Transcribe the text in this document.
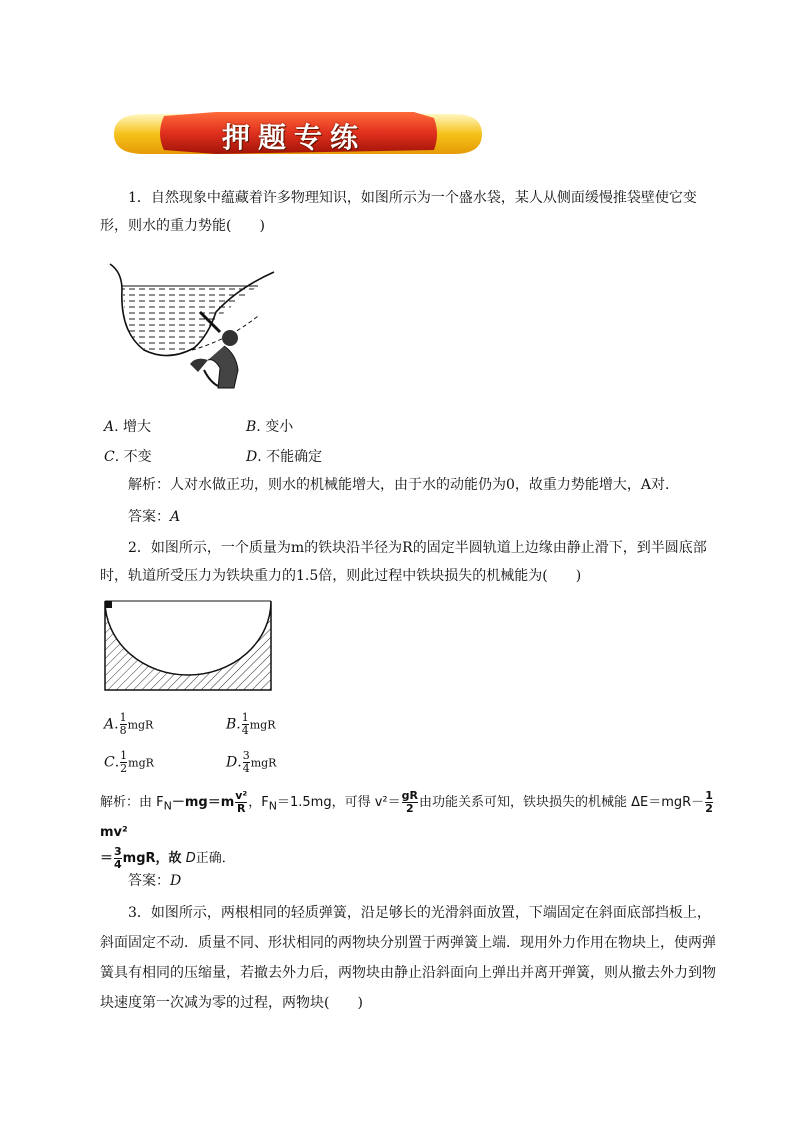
押题专练
1．自然现象中蕴藏着许多物理知识，如图所示为一个盛水袋，某人从侧面缓慢推袋壁使它变形，则水的重力势能(　　)
A. 增大	B. 变小
C. 不变	D. 不能确定
解析：人对水做正功，则水的机械能增大，由于水的动能仍为0，故重力势能增大，A对．
答案：A
2．如图所示，一个质量为m的铁块沿半径为R的固定半圆轨道上边缘由静止滑下，到半圆底部时，轨道所受压力为铁块重力的1.5倍，则此过程中铁块损失的机械能为(　　)
A. $\frac{1}{8}$ mgR	B. $\frac{1}{4}$ mgR
C. $\frac{1}{2}$ mgR	D. $\frac{3}{4}$ mgR
解析：由 $F_N-mg=m \frac{\text{v²}}{R}$ ，$F_N=1.5mg$，可得 $v^2= \frac{gR}{2}$ 由功能关系可知，铁块损失的机械能 $\Delta E=mgR- \frac{1}{2}$
mv²
＝ $\frac{3}{4}$ mgR，故 D正确．
答案：D
3．如图所示，两根相同的轻质弹簧，沿足够长的光滑斜面放置，下端固定在斜面底部挡板上，斜面固定不动．质量不同、形状相同的两物块分别置于两弹簧上端．现用外力作用在物块上，使两弹簧具有相同的压缩量，若撤去外力后，两物块由静止沿斜面向上弹出并离开弹簧，则从撤去外力到物块速度第一次减为零的过程，两物块(　　)
